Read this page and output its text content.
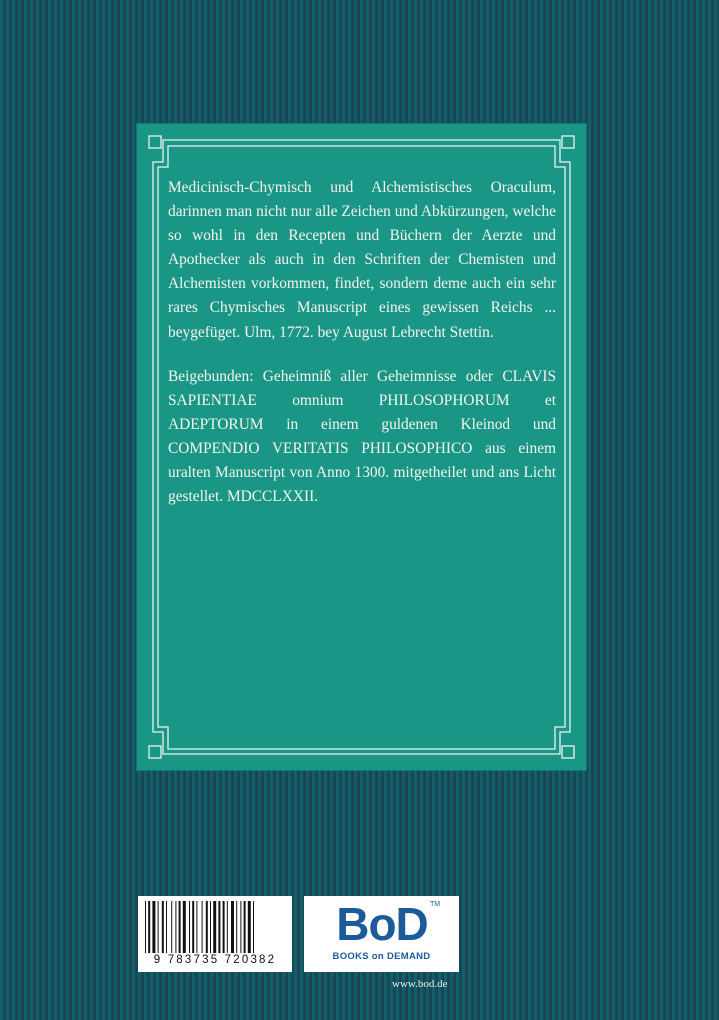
Medicinisch-Chymisch und Alchemistisches Oraculum, darinnen man nicht nur alle Zeichen und Abkürzungen, welche so wohl in den Recepten und Büchern der Aerzte und Apothecker als auch in den Schriften der Chemisten und Alchemisten vorkommen, findet, sondern deme auch ein sehr rares Chymisches Manuscript eines gewissen Reichs ... beygefüget. Ulm, 1772. bey August Lebrecht Stettin.

Beigebunden: Geheimniß aller Geheimnisse oder CLAVIS SAPIENTIAE omnium PHILOSOPHORUM et ADEPTORUM in einem guldenen Kleinod und COMPENDIO VERITATIS PHILOSOPHICO aus einem uralten Manuscript von Anno 1300. mitgetheilet und ans Licht gestellet. MDCCLXXII.

9 783735 720382
BoD TM
BOOKS on DEMAND
www.bod.de
